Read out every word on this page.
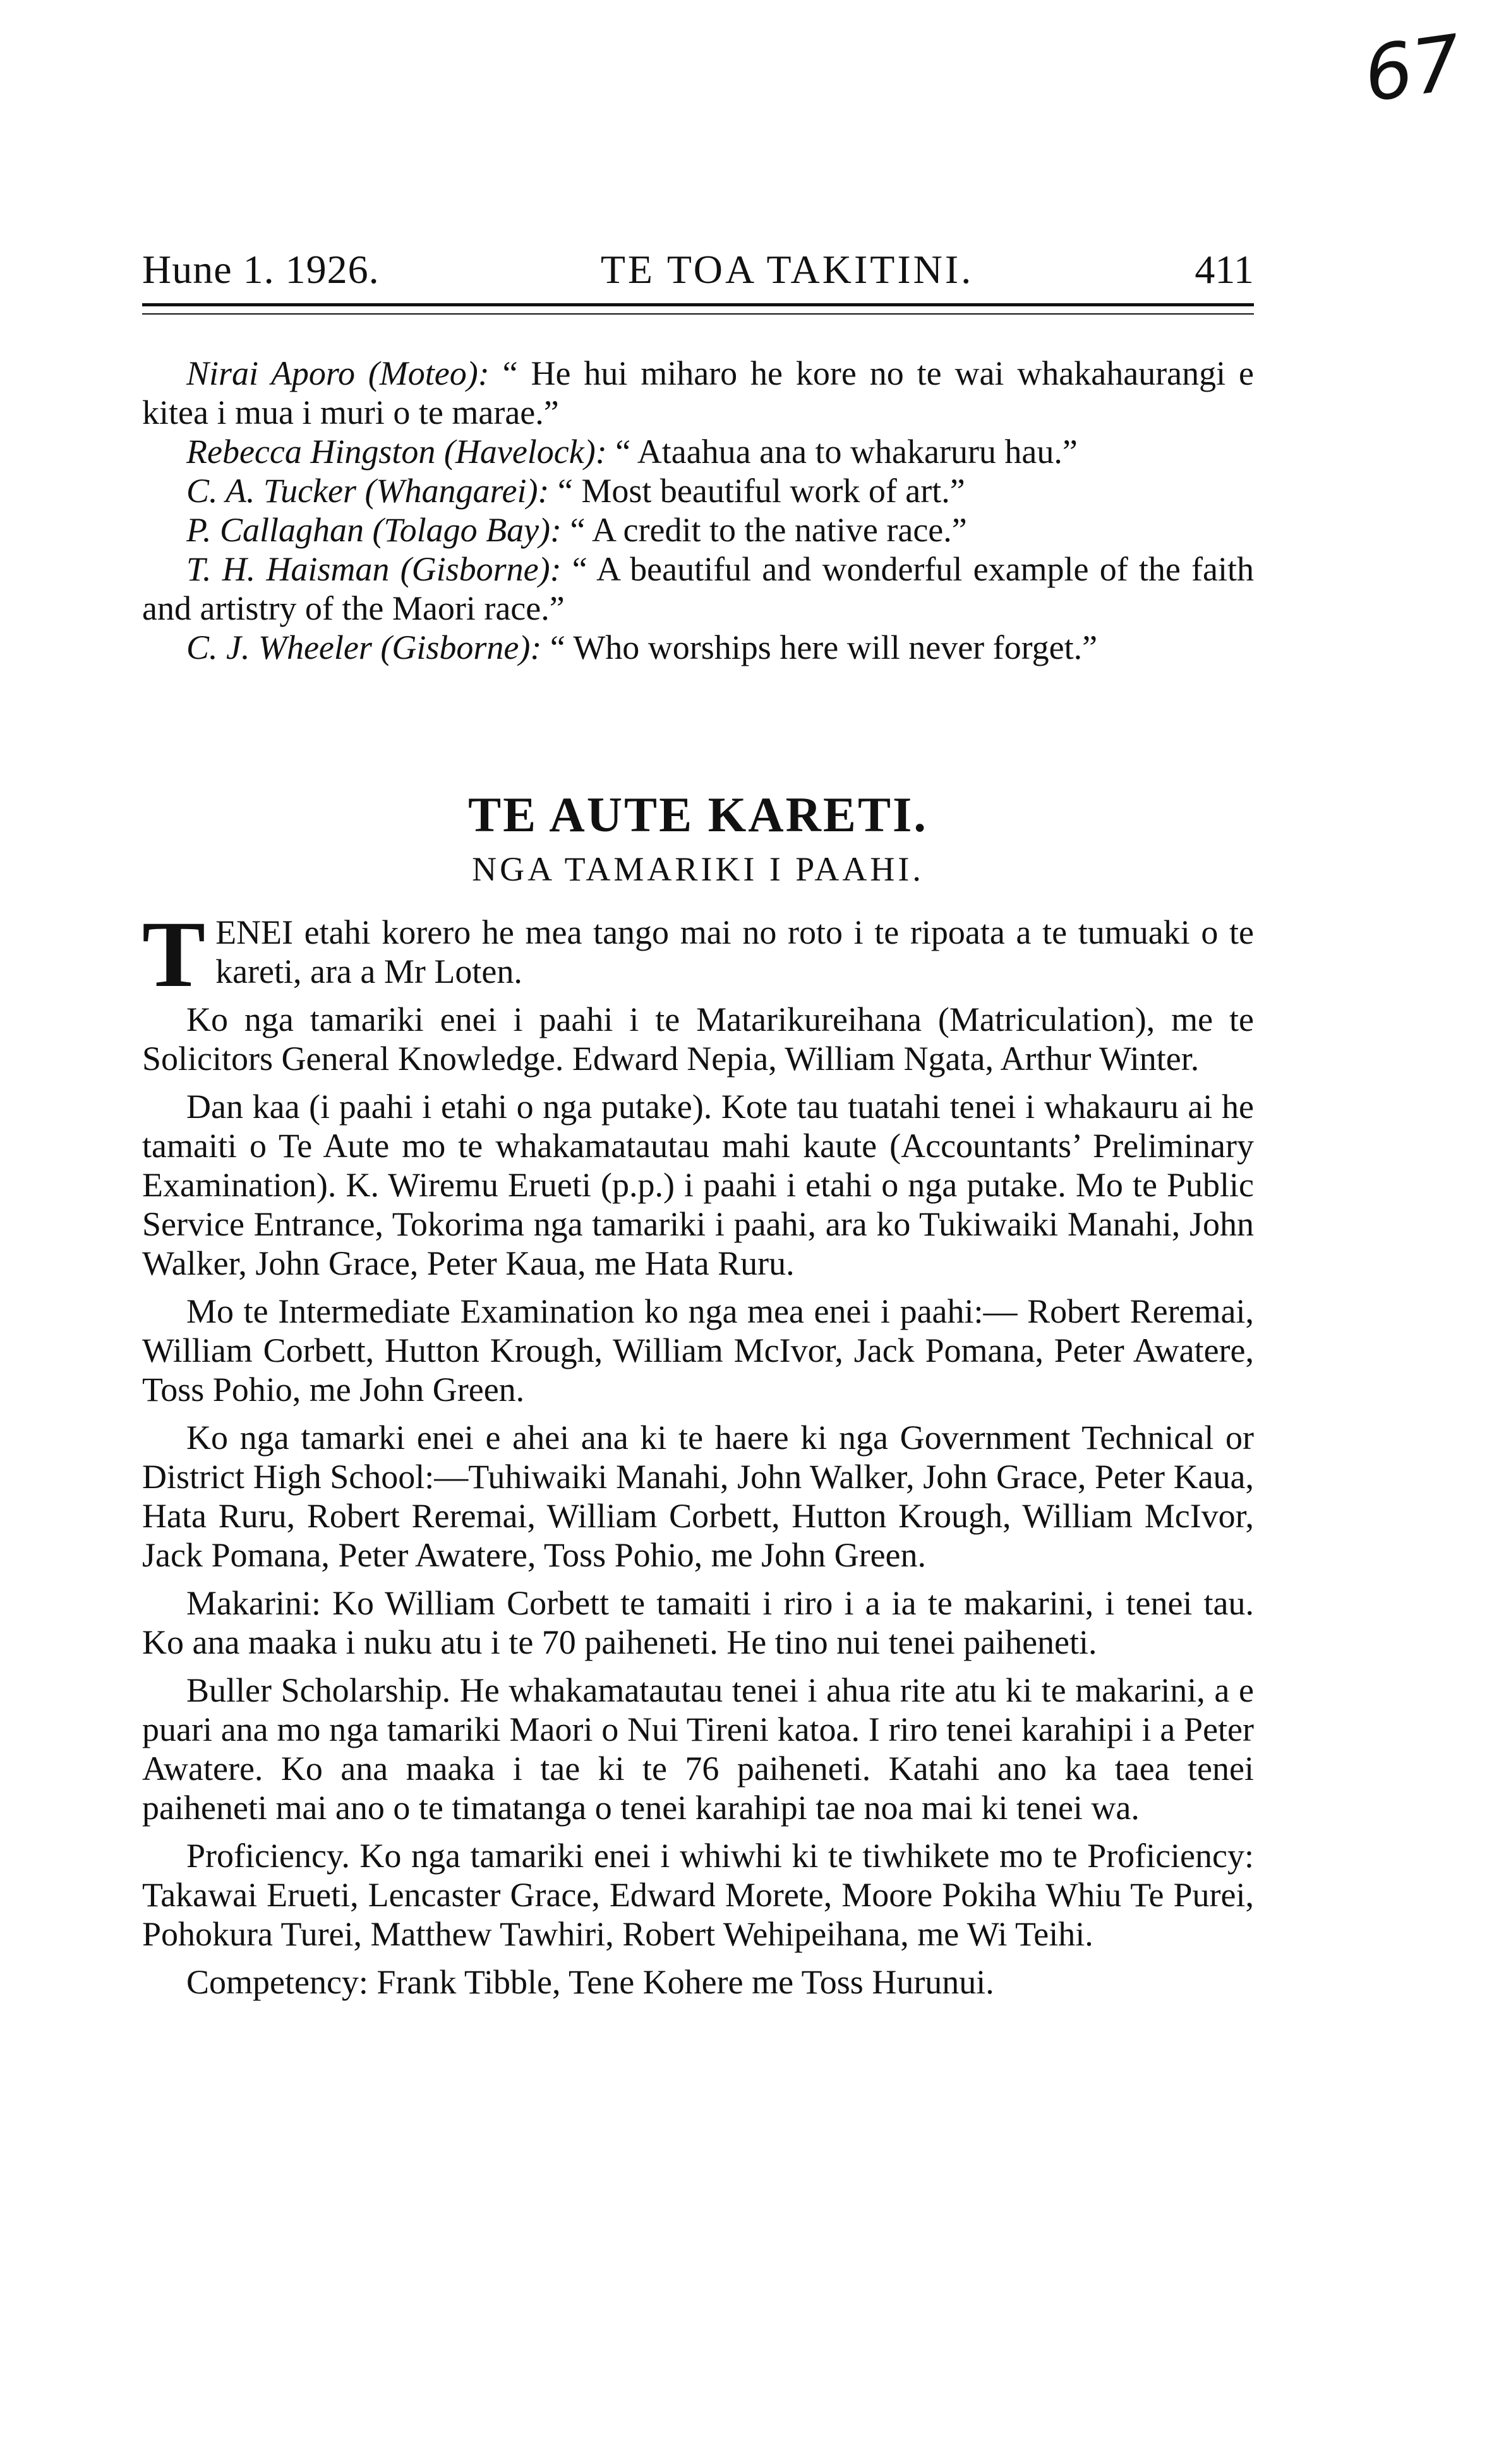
67
Hune 1. 1926.	TE TOA TAKITINI.	411

Nirai Aporo (Moteo): “ He hui miharo he kore no te wai whakahaurangi e kitea i mua i muri o te marae.”

Rebecca Hingston (Havelock): “ Ataahua ana to whakaruru hau.”

C. A. Tucker (Whangarei): “ Most beautiful work of art.”

P. Callaghan (Tolago Bay): “ A credit to the native race.”

T. H. Haisman (Gisborne): “ A beautiful and wonderful example of the faith and artistry of the Maori race.”

C. J. Wheeler (Gisborne): “ Who worships here will never forget.”

TE AUTE KARETI.
NGA TAMARIKI I PAAHI.

TENEI etahi korero he mea tango mai no roto i te ripoata a te tumuaki o te kareti, ara a Mr Loten.

Ko nga tamariki enei i paahi i te Matarikureihana (Matriculation), me te Solicitors General Knowledge. Edward Nepia, William Ngata, Arthur Winter.

Dan kaa (i paahi i etahi o nga putake). Kote tau tuatahi tenei i whakauru ai he tamaiti o Te Aute mo te whakamatautau mahi kaute (Accountants’ Preliminary Examination). K. Wiremu Erueti (p.p.) i paahi i etahi o nga putake. Mo te Public Service Entrance, Tokorima nga tamariki i paahi, ara ko Tukiwaiki Manahi, John Walker, John Grace, Peter Kaua, me Hata Ruru.

Mo te Intermediate Examination ko nga mea enei i paahi:— Robert Reremai, William Corbett, Hutton Krough, William McIvor, Jack Pomana, Peter Awatere, Toss Pohio, me John Green.

Ko nga tamarki enei e ahei ana ki te haere ki nga Government Technical or District High School:—Tuhiwaiki Manahi, John Walker, John Grace, Peter Kaua, Hata Ruru, Robert Reremai, William Corbett, Hutton Krough, William McIvor, Jack Pomana, Peter Awatere, Toss Pohio, me John Green.

Makarini: Ko William Corbett te tamaiti i riro i a ia te makarini, i tenei tau. Ko ana maaka i nuku atu i te 70 paiheneti. He tino nui tenei paiheneti.

Buller Scholarship. He whakamatautau tenei i ahua rite atu ki te makarini, a e puari ana mo nga tamariki Maori o Nui Tireni katoa. I riro tenei karahipi i a Peter Awatere. Ko ana maaka i tae ki te 76 paiheneti. Katahi ano ka taea tenei paiheneti mai ano o te timatanga o tenei karahipi tae noa mai ki tenei wa.

Proficiency. Ko nga tamariki enei i whiwhi ki te tiwhikete mo te Proficiency: Takawai Erueti, Lencaster Grace, Edward Morete, Moore Pokiha Whiu Te Purei, Pohokura Turei, Matthew Tawhiri, Robert Wehipeihana, me Wi Teihi.

Competency: Frank Tibble, Tene Kohere me Toss Hurunui.
